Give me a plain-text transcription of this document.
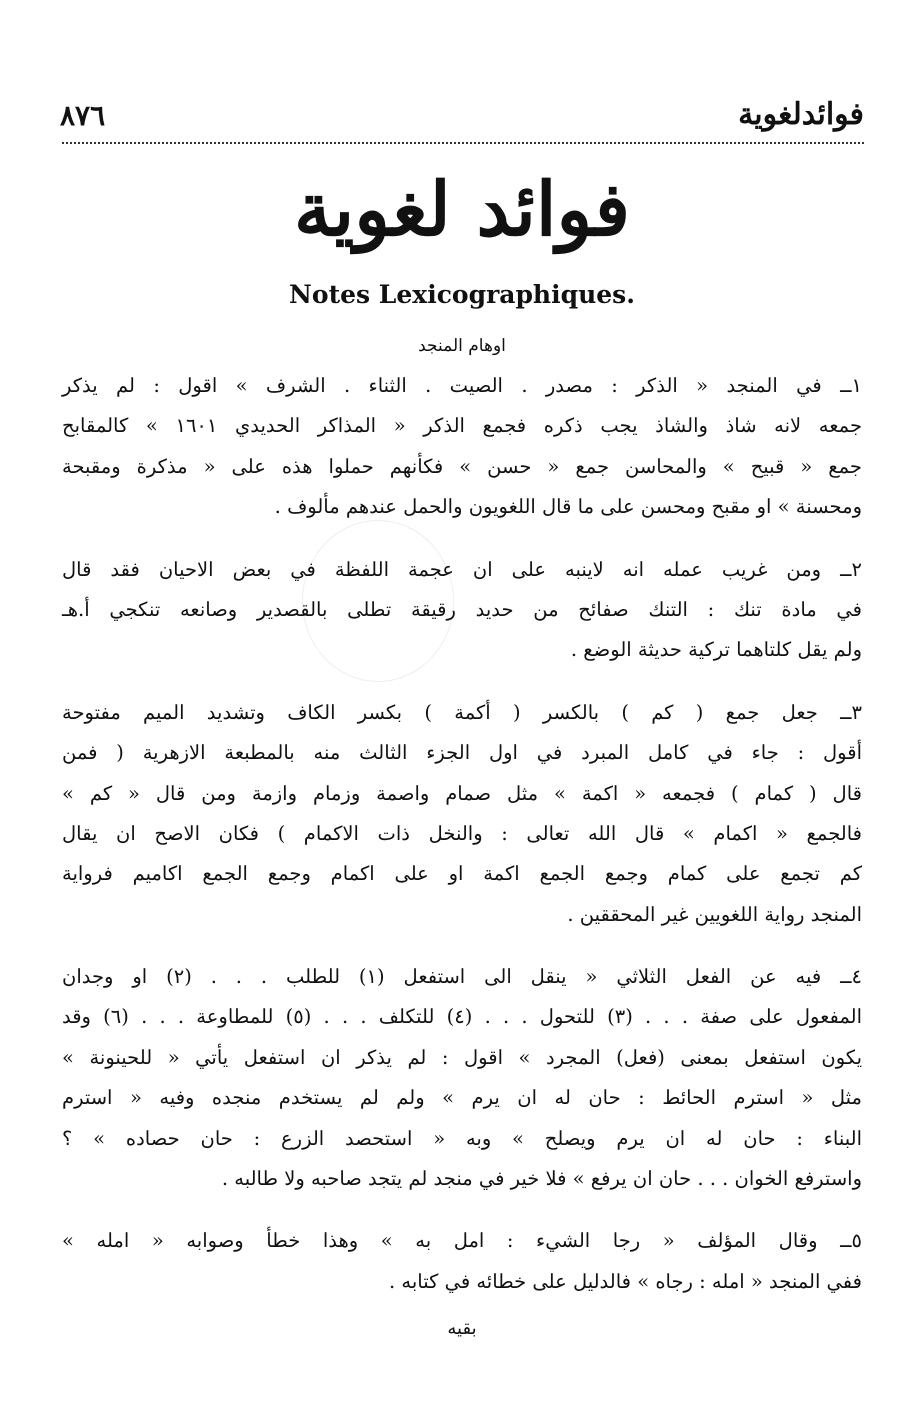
٨٧٦	فوائدلغوية
فوائد لغوية
Notes Lexicographiques.
اوهام المنجد
١ــ في المنجد « الذكر : مصدر . الصيت . الثناء . الشرف » اقول : لم يذكر
جمعه لانه شاذ والشاذ يجب ذكره فجمع الذكر « المذاكر الحديدي ١٦٠١ » كالمقابح
جمع « قبيح » والمحاسن جمع « حسن » فكأنهم حملوا هذه على « مذكرة ومقبحة
ومحسنة » او مقبح ومحسن على ما قال اللغويون والحمل عندهم مألوف .
٢ــ ومن غريب عمله انه لاينبه على ان عجمة اللفظة في بعض الاحيان فقد قال
في مادة تنك : التنك صفائح من حديد رقيقة تطلى بالقصدير وصانعه تنكجي أ.هـ
ولم يقل كلتاهما تركية حديثة الوضع .
٣ــ جعل جمع ( كم ) بالكسر ( أكمة ) بكسر الكاف وتشديد الميم مفتوحة
أقول : جاء في كامل المبرد في اول الجزء الثالث منه بالمطبعة الازهرية ( فمن
قال ( كمام ) فجمعه « اكمة » مثل صمام واصمة وزمام وازمة ومن قال « كم »
فالجمع « اكمام » قال الله تعالى : والنخل ذات الاكمام ) فكان الاصح ان يقال
كم تجمع على كمام وجمع الجمع اكمة او على اكمام وجمع الجمع اكاميم فرواية
المنجد رواية اللغويين غير المحققين .
٤ــ فيه عن الفعل الثلاثي « ينقل الى استفعل (١) للطلب . . . (٢) او وجدان
المفعول على صفة . . . (٣) للتحول . . . (٤) للتكلف . . . (٥) للمطاوعة . . . (٦) وقد
يكون استفعل بمعنى (فعل) المجرد » اقول : لم يذكر ان استفعل يأتي « للحينونة »
مثل « استرم الحائط : حان له ان يرم » ولم لم يستخدم منجده وفيه « استرم
البناء : حان له ان يرم ويصلح » وبه « استحصد الزرع : حان حصاده » ؟
واسترفع الخوان . . . حان ان يرفع » فلا خير في منجد لم يتجد صاحبه ولا طالبه .
٥ــ وقال المؤلف « رجا الشيء : امل به » وهذا خطأ وصوابه « امله »
ففي المنجد « امله : رجاه » فالدليل على خطائه في كتابه .
بقيه
